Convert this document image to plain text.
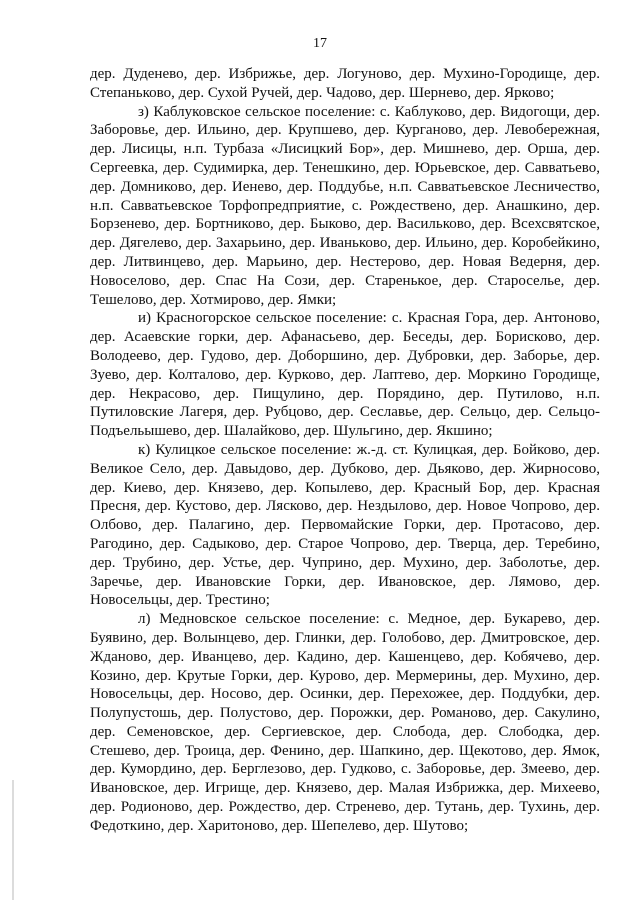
17

дер. Дуденево, дер. Избрижье, дер. Логуново, дер. Мухино-Городище, дер. Степаньково, дер. Сухой Ручей, дер. Чадово, дер. Шернево, дер. Ярково;

з) Каблуковское сельское поселение: с. Каблуково, дер. Видогощи, дер. Заборовье, дер. Ильино, дер. Крупшево, дер. Курганово, дер. Левобережная, дер. Лисицы, н.п. Турбаза «Лисицкий Бор», дер. Мишнево, дер. Орша, дер. Сергеевка, дер. Судимирка, дер. Тенешкино, дер. Юрьевское, дер. Савватьево, дер. Домниково, дер. Иенево, дер. Поддубье, н.п. Савватьевское Лесничество, н.п. Савватьевское Торфопредприятие, с. Рождествено, дер. Анашкино, дер. Борзенево, дер. Бортниково, дер. Быково, дер. Васильково, дер. Всехсвятское, дер. Дягелево, дер. Захарьино, дер. Иваньково, дер. Ильино, дер. Коробейкино, дер. Литвинцево, дер. Марьино, дер. Нестерово, дер. Новая Ведерня, дер. Новоселово, дер. Спас На Сози, дер. Старенькое, дер. Староселье, дер. Тешелово, дер. Хотмирово, дер. Ямки;

и) Красногорское сельское поселение: с. Красная Гора, дер. Антоново, дер. Асаевские горки, дер. Афанасьево, дер. Беседы, дер. Борисково, дер. Володеево, дер. Гудово, дер. Доборшино, дер. Дубровки, дер. Заборье, дер. Зуево, дер. Колталово, дер. Курково, дер. Лаптево, дер. Моркино Городище, дер. Некрасово, дер. Пищулино, дер. Порядино, дер. Путилово, н.п. Путиловские Лагеря, дер. Рубцово, дер. Сеславье, дер. Сельцо, дер. Сельцо-Подъельышево, дер. Шалайково, дер. Шульгино, дер. Якшино;

к) Кулицкое сельское поселение: ж.-д. ст. Кулицкая, дер. Бойково, дер. Великое Село, дер. Давыдово, дер. Дубково, дер. Дьяково, дер. Жирносово, дер. Киево, дер. Князево, дер. Копылево, дер. Красный Бор, дер. Красная Пресня, дер. Кустово, дер. Лясково, дер. Нездылово, дер. Новое Чопрово, дер. Олбово, дер. Палагино, дер. Первомайские Горки, дер. Протасово, дер. Рагодино, дер. Садыково, дер. Старое Чопрово, дер. Тверца, дер. Теребино, дер. Трубино, дер. Устье, дер. Чуприно, дер. Мухино, дер. Заболотье, дер. Заречье, дер. Ивановские Горки, дер. Ивановское, дер. Лямово, дер. Новосельцы, дер. Трестино;

л) Медновское сельское поселение: с. Медное, дер. Букарево, дер. Буявино, дер. Волынцево, дер. Глинки, дер. Голобово, дер. Дмитровское, дер. Жданово, дер. Иванцево, дер. Кадино, дер. Кашенцево, дер. Кобячево, дер. Козино, дер. Крутые Горки, дер. Курово, дер. Мермерины, дер. Мухино, дер. Новосельцы, дер. Носово, дер. Осинки, дер. Перехожее, дер. Поддубки, дер. Полупустошь, дер. Полустово, дер. Порожки, дер. Романово, дер. Сакулино, дер. Семеновское, дер. Сергиевское, дер. Слобода, дер. Слободка, дер. Стешево, дер. Троица, дер. Фенино, дер. Шапкино, дер. Щекотово, дер. Ямок, дер. Кумордино, дер. Берглезово, дер. Гудково, с. Заборовье, дер. Змеево, дер. Ивановское, дер. Игрище, дер. Князево, дер. Малая Избрижка, дер. Михеево, дер. Родионово, дер. Рождество, дер. Стренево, дер. Тутань, дер. Тухинь, дер. Федоткино, дер. Харитоново, дер. Шепелево, дер. Шутово;
